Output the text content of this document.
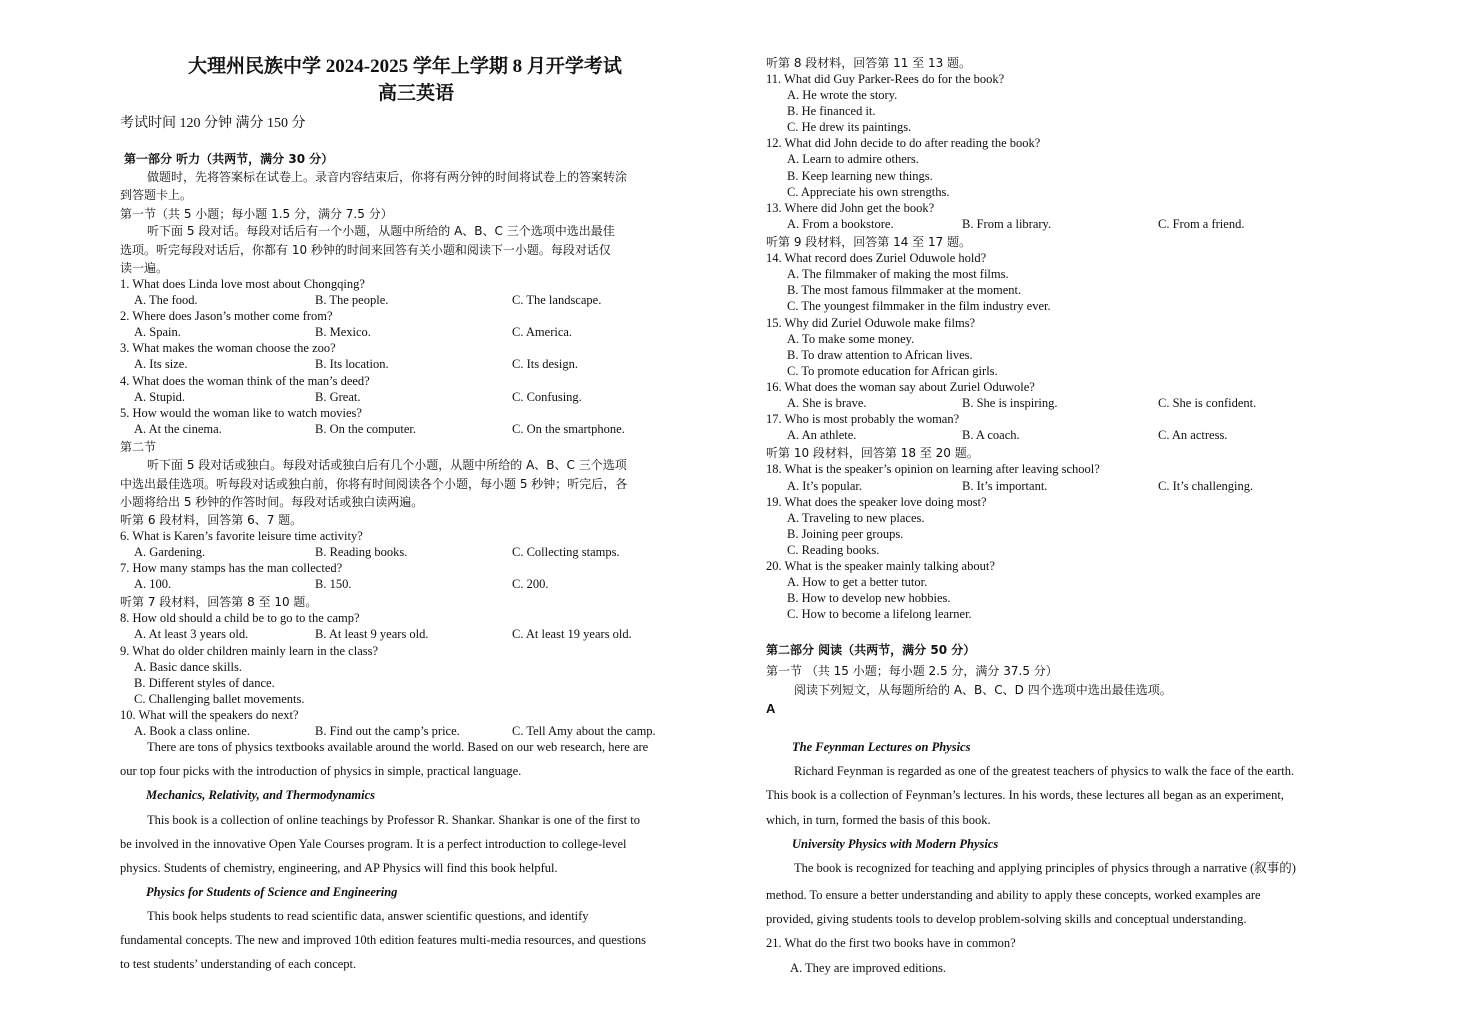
大理州民族中学 2024-2025 学年上学期 8 月开学考试
高三英语
考试时间 120 分钟 满分 150 分
第一部分 听力（共两节，满分 30 分）
做题时，先将答案标在试卷上。录音内容结束后，你将有两分钟的时间将试卷上的答案转涂
到答题卡上。
第一节（共 5 小题；每小题 1.5 分，满分 7.5 分）
听下面 5 段对话。每段对话后有一个小题，从题中所给的 A、B、C 三个选项中选出最佳
选项。听完每段对话后，你都有 10 秒钟的时间来回答有关小题和阅读下一小题。每段对话仅
读一遍。
1. What does Linda love most about Chongqing?
A. The food.	B. The people.	C. The landscape.
2. Where does Jason’s mother come from?
A. Spain.	B. Mexico.	C. America.
3. What makes the woman choose the zoo?
A. Its size.	B. Its location.	C. Its design.
4. What does the woman think of the man’s deed?
A. Stupid.	B. Great.	C. Confusing.
5. How would the woman like to watch movies?
A. At the cinema.	B. On the computer.	C. On the smartphone.
第二节
听下面 5 段对话或独白。每段对话或独白后有几个小题，从题中所给的 A、B、C 三个选项
中选出最佳选项。听每段对话或独白前，你将有时间阅读各个小题，每小题 5 秒钟；听完后，各
小题将给出 5 秒钟的作答时间。每段对话或独白读两遍。
听第 6 段材料，回答第 6、7 题。
6. What is Karen’s favorite leisure time activity?
A. Gardening.	B. Reading books.	C. Collecting stamps.
7. How many stamps has the man collected?
A. 100.	B. 150.	C. 200.
听第 7 段材料，回答第 8 至 10 题。
8. How old should a child be to go to the camp?
A. At least 3 years old.	B. At least 9 years old.	C. At least 19 years old.
9. What do older children mainly learn in the class?
A. Basic dance skills.
B. Different styles of dance.
C. Challenging ballet movements.
10. What will the speakers do next?
A. Book a class online.	B. Find out the camp’s price.	C. Tell Amy about the camp.
There are tons of physics textbooks available around the world. Based on our web research, here are
our top four picks with the introduction of physics in simple, practical language.
Mechanics, Relativity, and Thermodynamics
This book is a collection of online teachings by Professor R. Shankar. Shankar is one of the first to
be involved in the innovative Open Yale Courses program. It is a perfect introduction to college-level
physics. Students of chemistry, engineering, and AP Physics will find this book helpful.
Physics for Students of Science and Engineering
This book helps students to read scientific data, answer scientific questions, and identify
fundamental concepts. The new and improved 10th edition features multi-media resources, and questions
to test students’ understanding of each concept.
听第 8 段材料，回答第 11 至 13 题。
11. What did Guy Parker-Rees do for the book?
A. He wrote the story.
B. He financed it.
C. He drew its paintings.
12. What did John decide to do after reading the book?
A. Learn to admire others.
B. Keep learning new things.
C. Appreciate his own strengths.
13. Where did John get the book?
A. From a bookstore.	B. From a library.	C. From a friend.
听第 9 段材料，回答第 14 至 17 题。
14. What record does Zuriel Oduwole hold?
A. The filmmaker of making the most films.
B. The most famous filmmaker at the moment.
C. The youngest filmmaker in the film industry ever.
15. Why did Zuriel Oduwole make films?
A. To make some money.
B. To draw attention to African lives.
C. To promote education for African girls.
16. What does the woman say about Zuriel Oduwole?
A. She is brave.	B. She is inspiring.	C. She is confident.
17. Who is most probably the woman?
A. An athlete.	B. A coach.	C. An actress.
听第 10 段材料，回答第 18 至 20 题。
18. What is the speaker’s opinion on learning after leaving school?
A. It’s popular.	B. It’s important.	C. It’s challenging.
19. What does the speaker love doing most?
A. Traveling to new places.
B. Joining peer groups.
C. Reading books.
20. What is the speaker mainly talking about?
A. How to get a better tutor.
B. How to develop new hobbies.
C. How to become a lifelong learner.
第二部分 阅读（共两节，满分 50 分）
第一节 （共 15 小题；每小题 2.5 分，满分 37.5 分）
阅读下列短文，从每题所给的 A、B、C、D 四个选项中选出最佳选项。
A
The Feynman Lectures on Physics
Richard Feynman is regarded as one of the greatest teachers of physics to walk the face of the earth.
This book is a collection of Feynman’s lectures. In his words, these lectures all began as an experiment,
which, in turn, formed the basis of this book.
University Physics with Modern Physics
The book is recognized for teaching and applying principles of physics through a narrative (叙事的)
method. To ensure a better understanding and ability to apply these concepts, worked examples are
provided, giving students tools to develop problem-solving skills and conceptual understanding.
21. What do the first two books have in common?
A. They are improved editions.
